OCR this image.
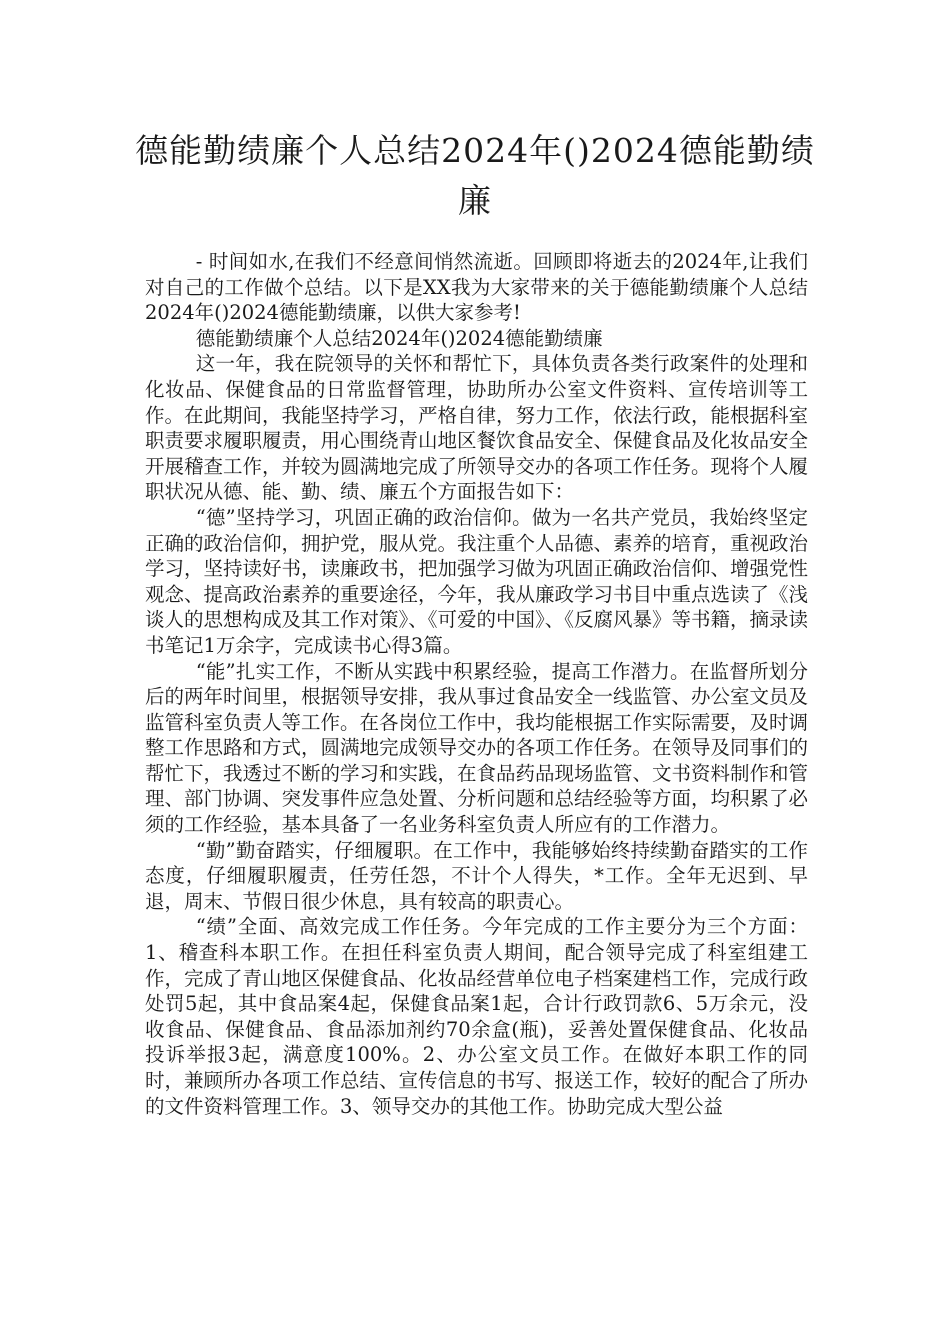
德能勤绩廉个人总结2024年()2024德能勤绩廉

- 时间如水,在我们不经意间悄然流逝。回顾即将逝去的2024年,让我们对自己的工作做个总结。以下是XX我为大家带来的关于德能勤绩廉个人总结2024年()2024德能勤绩廉，以供大家参考!

德能勤绩廉个人总结2024年()2024德能勤绩廉

这一年，我在院领导的关怀和帮忙下，具体负责各类行政案件的处理和化妆品、保健食品的日常监督管理，协助所办公室文件资料、宣传培训等工作。在此期间，我能坚持学习，严格自律，努力工作，依法行政，能根据科室职责要求履职履责，用心围绕青山地区餐饮食品安全、保健食品及化妆品安全开展稽查工作，并较为圆满地完成了所领导交办的各项工作任务。现将个人履职状况从德、能、勤、绩、廉五个方面报告如下：

“德”坚持学习，巩固正确的政治信仰。做为一名共产党员，我始终坚定正确的政治信仰，拥护党，服从党。我注重个人品德、素养的培育，重视政治学习，坚持读好书，读廉政书，把加强学习做为巩固正确政治信仰、增强党性观念、提高政治素养的重要途径，今年，我从廉政学习书目中重点选读了《浅谈人的思想构成及其工作对策》、《可爱的中国》、《反腐风暴》等书籍，摘录读书笔记1万余字，完成读书心得3篇。

“能”扎实工作，不断从实践中积累经验，提高工作潜力。在监督所划分后的两年时间里，根据领导安排，我从事过食品安全一线监管、办公室文员及监管科室负责人等工作。在各岗位工作中，我均能根据工作实际需要，及时调整工作思路和方式，圆满地完成领导交办的各项工作任务。在领导及同事们的帮忙下，我透过不断的学习和实践，在食品药品现场监管、文书资料制作和管理、部门协调、突发事件应急处置、分析问题和总结经验等方面，均积累了必须的工作经验，基本具备了一名业务科室负责人所应有的工作潜力。

“勤”勤奋踏实，仔细履职。在工作中，我能够始终持续勤奋踏实的工作态度，仔细履职履责，任劳任怨，不计个人得失，*工作。全年无迟到、早退，周末、节假日很少休息，具有较高的职责心。

“绩”全面、高效完成工作任务。今年完成的工作主要分为三个方面：1、稽查科本职工作。在担任科室负责人期间，配合领导完成了科室组建工作，完成了青山地区保健食品、化妆品经营单位电子档案建档工作，完成行政处罚5起，其中食品案4起，保健食品案1起，合计行政罚款6、5万余元，没收食品、保健食品、食品添加剂约70余盒(瓶)，妥善处置保健食品、化妆品投诉举报3起，满意度100%。2、办公室文员工作。在做好本职工作的同时，兼顾所办各项工作总结、宣传信息的书写、报送工作，较好的配合了所办的文件资料管理工作。3、领导交办的其他工作。协助完成大型公益
